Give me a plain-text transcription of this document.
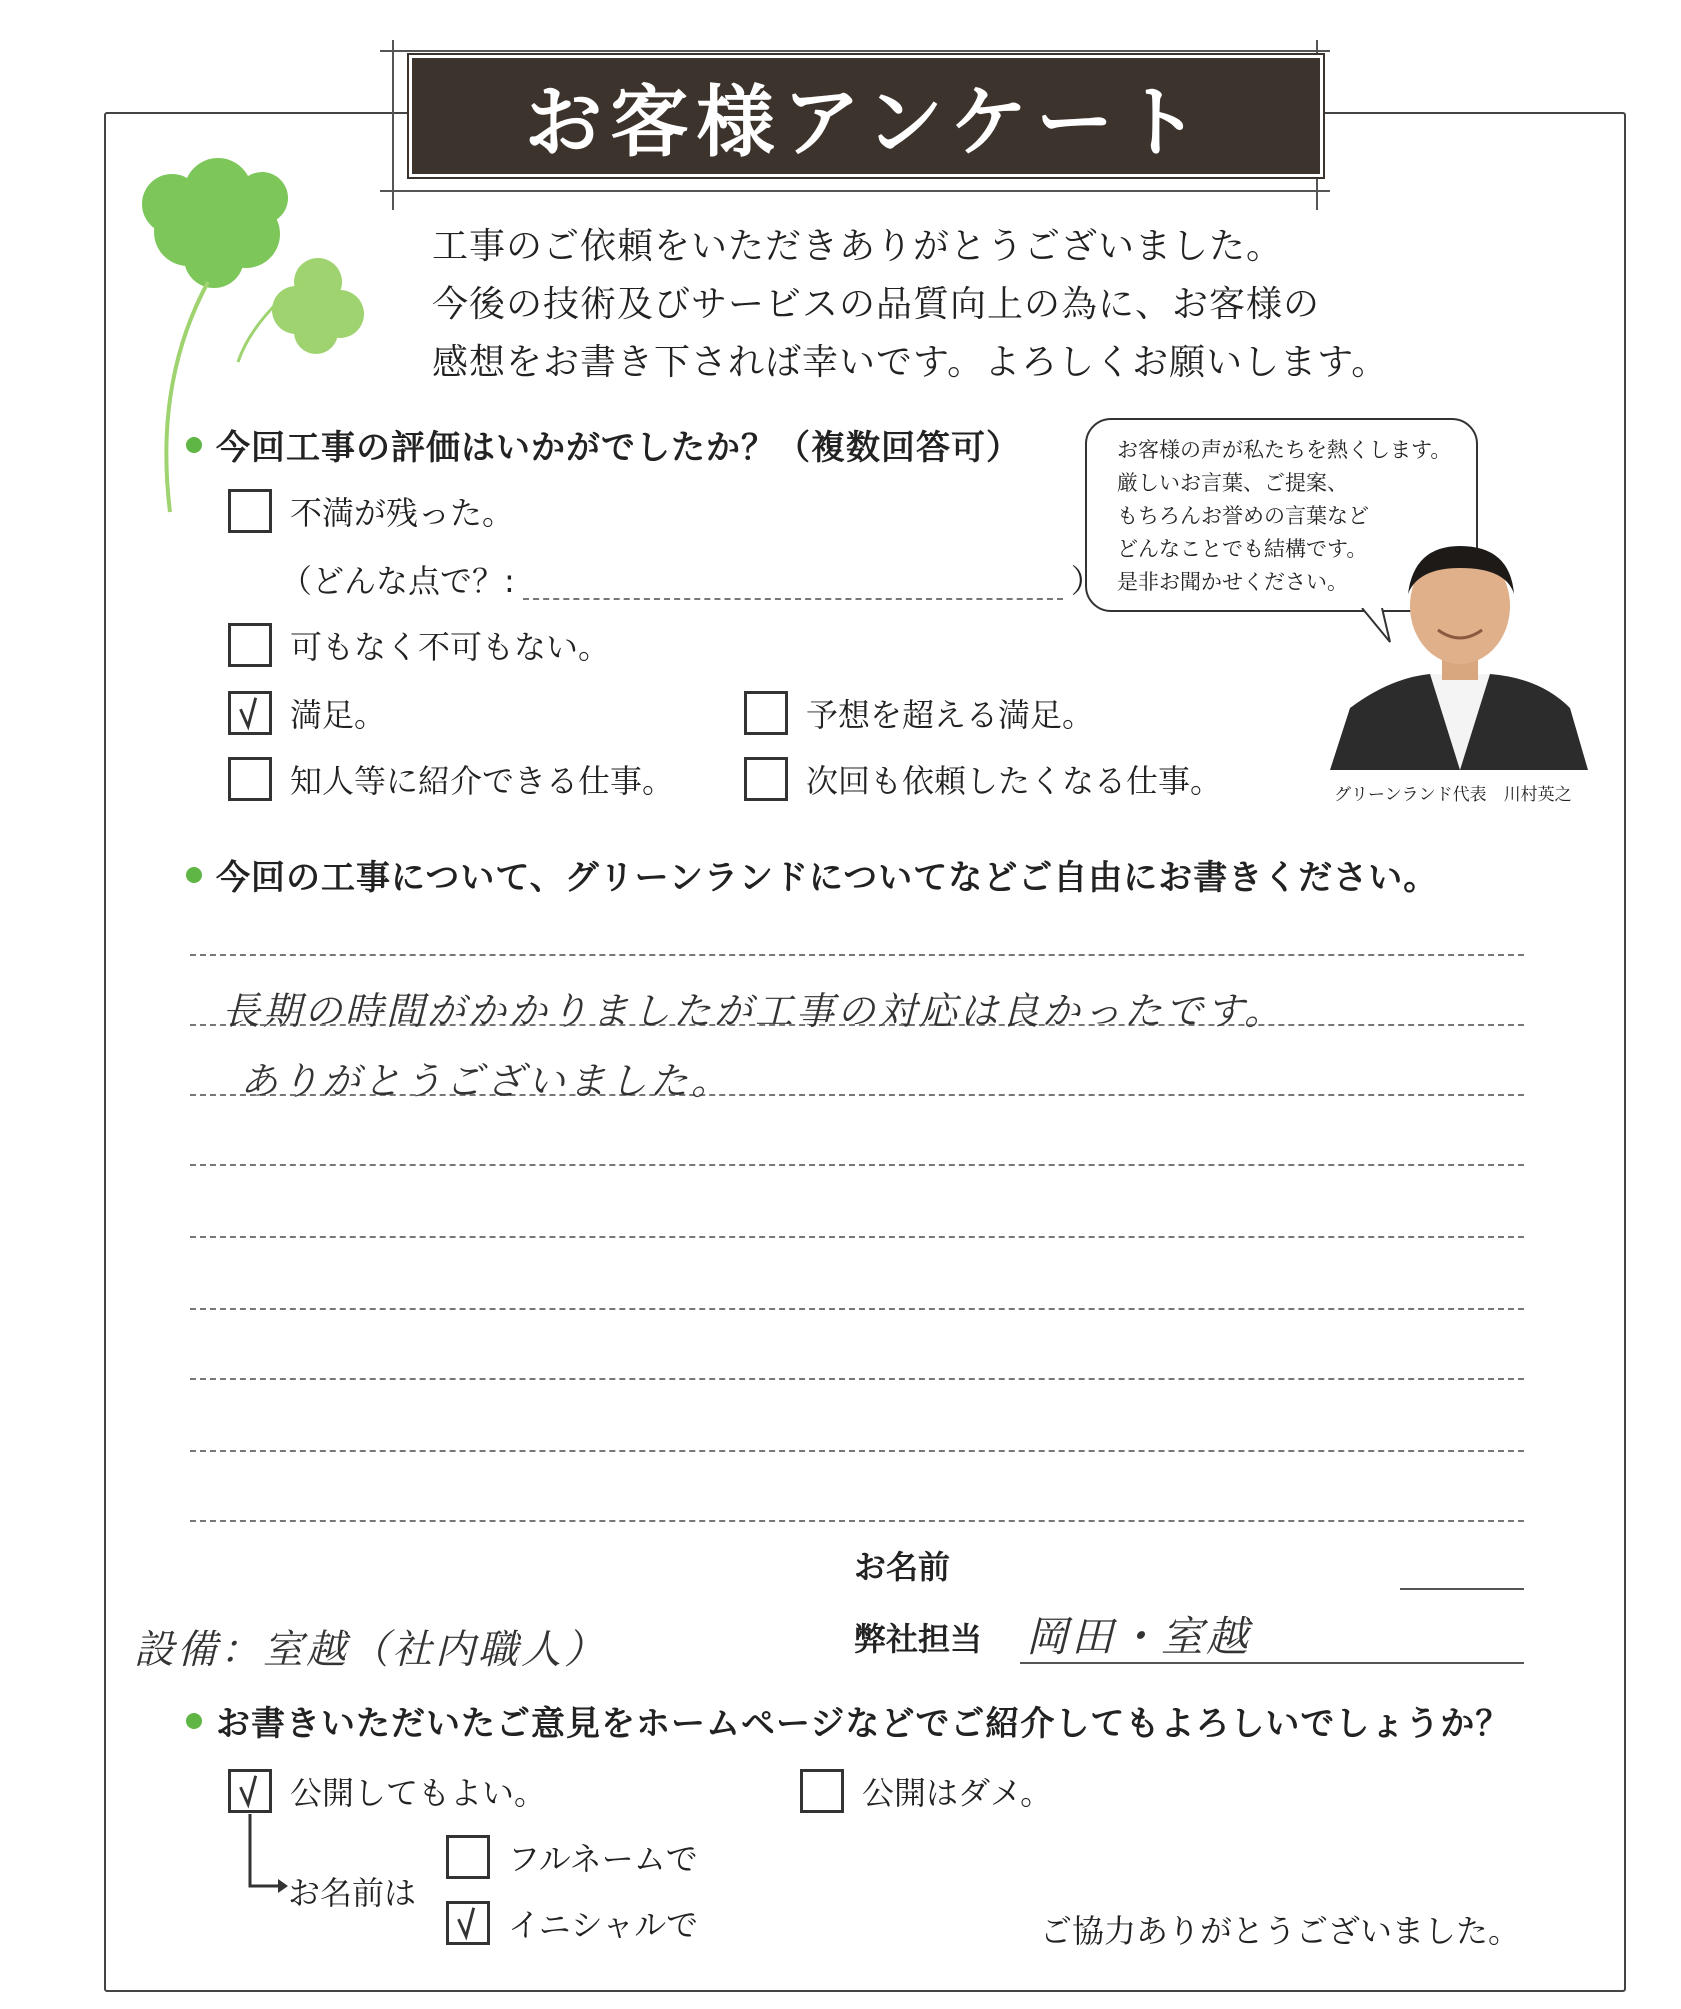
お客様アンケート
工事のご依頼をいただきありがとうございました。
今後の技術及びサービスの品質向上の為に、お客様の
感想をお書き下されば幸いです。よろしくお願いします。
今回工事の評価はいかがでしたか？（複数回答可）
不満が残った。
（どんな点で？:	）
可もなく不可もない。
満足。	予想を超える満足。
知人等に紹介できる仕事。	次回も依頼したくなる仕事。
お客様の声が私たちを熱くします。
厳しいお言葉、ご提案、
もちろんお誉めの言葉など
どんなことでも結構です。
是非お聞かせください。
グリーンランド代表　川村英之
今回の工事について、グリーンランドについてなどご自由にお書きください。
長期の時間がかかりましたが工事の対応は良かったです。
ありがとうございました。
お名前
弊社担当 岡田・室越
設備：室越（社内職人）
お書きいただいたご意見をホームページなどでご紹介してもよろしいでしょうか？
公開してもよい。	公開はダメ。
お名前は
フルネームで
イニシャルで	ご協力ありがとうございました。
